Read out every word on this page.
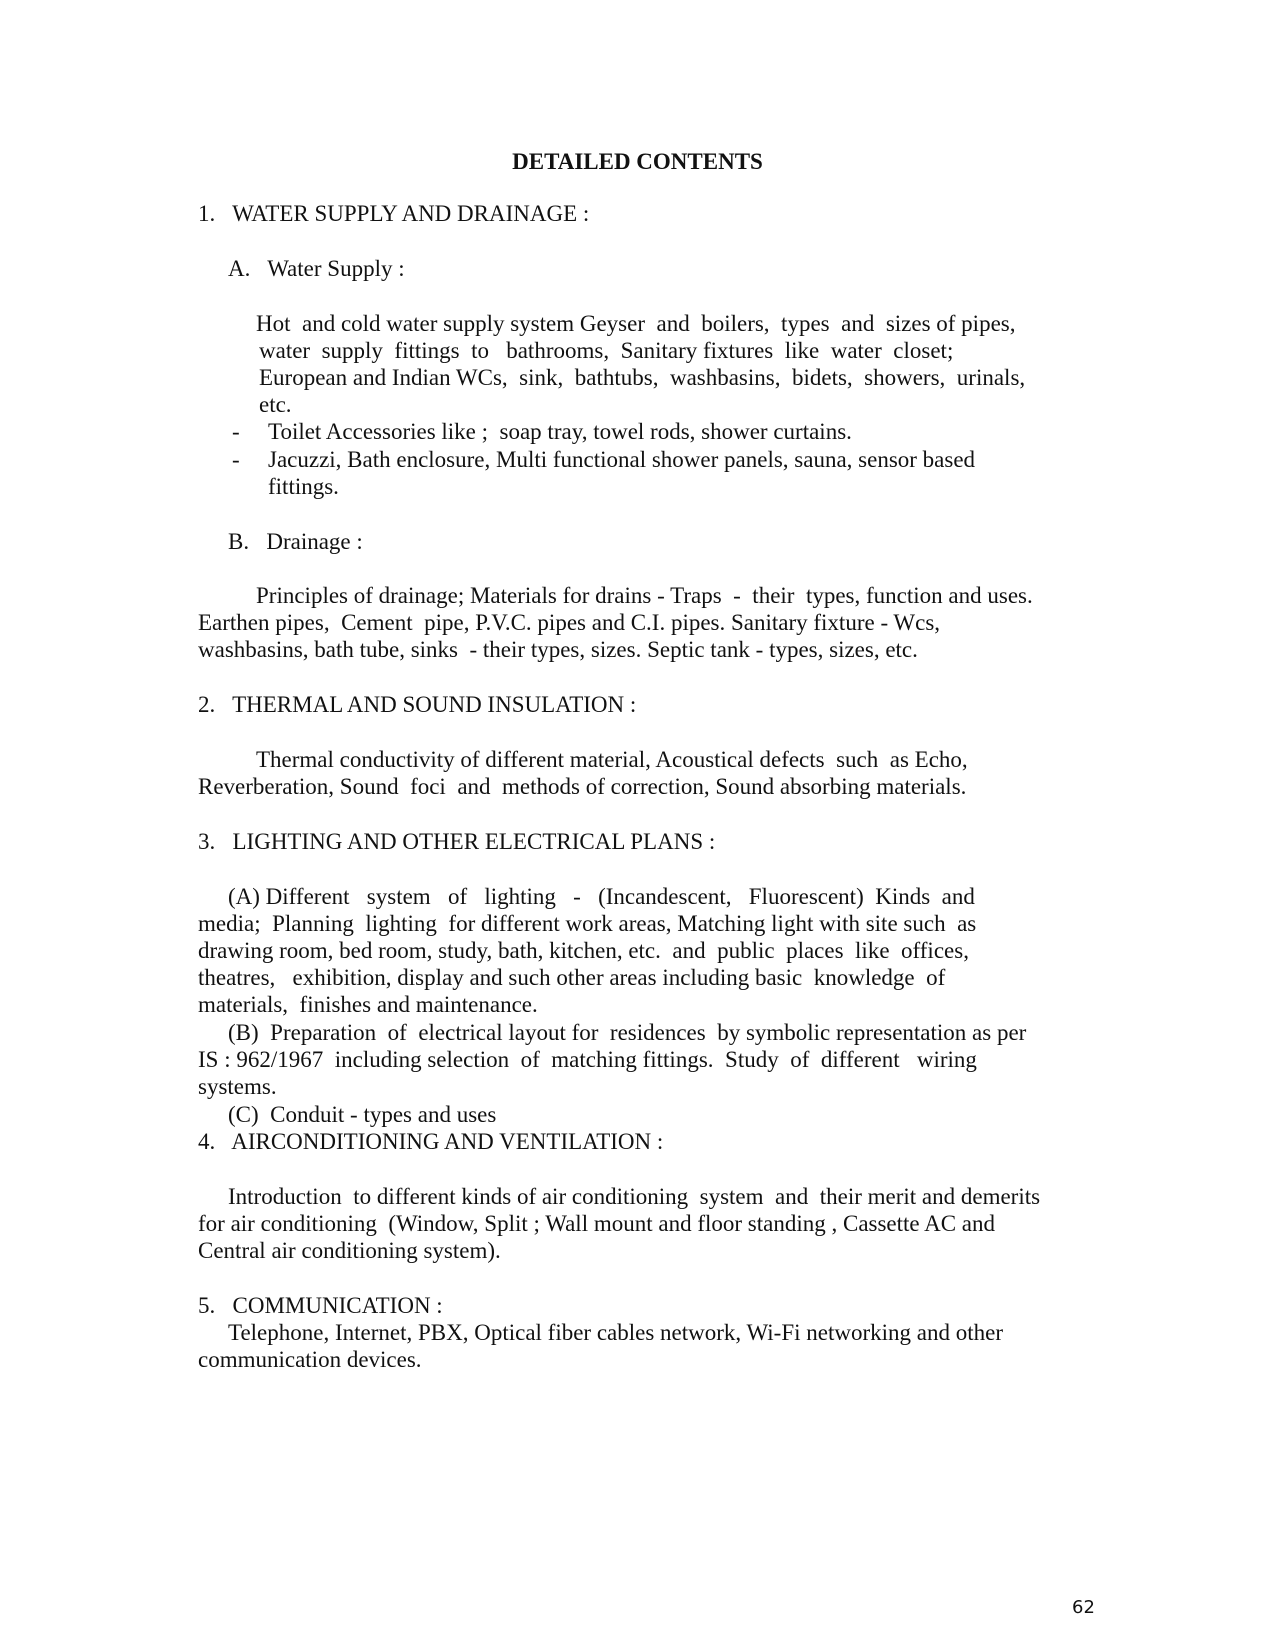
DETAILED CONTENTS
1.   WATER SUPPLY AND DRAINAGE :
A.   Water Supply :
Hot  and cold water supply system Geyser  and  boilers,  types  and  sizes of pipes,
water  supply  fittings  to   bathrooms,  Sanitary fixtures  like  water  closet;
European and Indian WCs,  sink,  bathtubs,  washbasins,  bidets,  showers,  urinals,
etc.
- Toilet Accessories like ;  soap tray, towel rods, shower curtains.
- Jacuzzi, Bath enclosure, Multi functional shower panels, sauna, sensor based
fittings.
B.   Drainage :
Principles of drainage; Materials for drains - Traps  -  their  types, function and uses.
Earthen pipes,  Cement  pipe, P.V.C. pipes and C.I. pipes. Sanitary fixture - Wcs,
washbasins, bath tube, sinks  - their types, sizes. Septic tank - types, sizes, etc.
2.   THERMAL AND SOUND INSULATION :
Thermal conductivity of different material, Acoustical defects  such  as Echo,
Reverberation, Sound  foci  and  methods of correction, Sound absorbing materials.
3.   LIGHTING AND OTHER ELECTRICAL PLANS :
(A) Different   system   of   lighting   -   (Incandescent,   Fluorescent)  Kinds  and
media;  Planning  lighting  for different work areas, Matching light with site such  as
drawing room, bed room, study, bath, kitchen, etc.  and  public  places  like  offices,
theatres,   exhibition, display and such other areas including basic  knowledge  of
materials,  finishes and maintenance.
(B)  Preparation  of  electrical layout for  residences  by symbolic representation as per
IS : 962/1967  including selection  of  matching fittings.  Study  of  different   wiring
systems.
(C)  Conduit - types and uses
4.   AIRCONDITIONING AND VENTILATION :
Introduction  to different kinds of air conditioning  system  and  their merit and demerits
for air conditioning  (Window, Split ; Wall mount and floor standing , Cassette AC and
Central air conditioning system).
5.   COMMUNICATION :
Telephone, Internet, PBX, Optical fiber cables network, Wi-Fi networking and other
communication devices.
62
